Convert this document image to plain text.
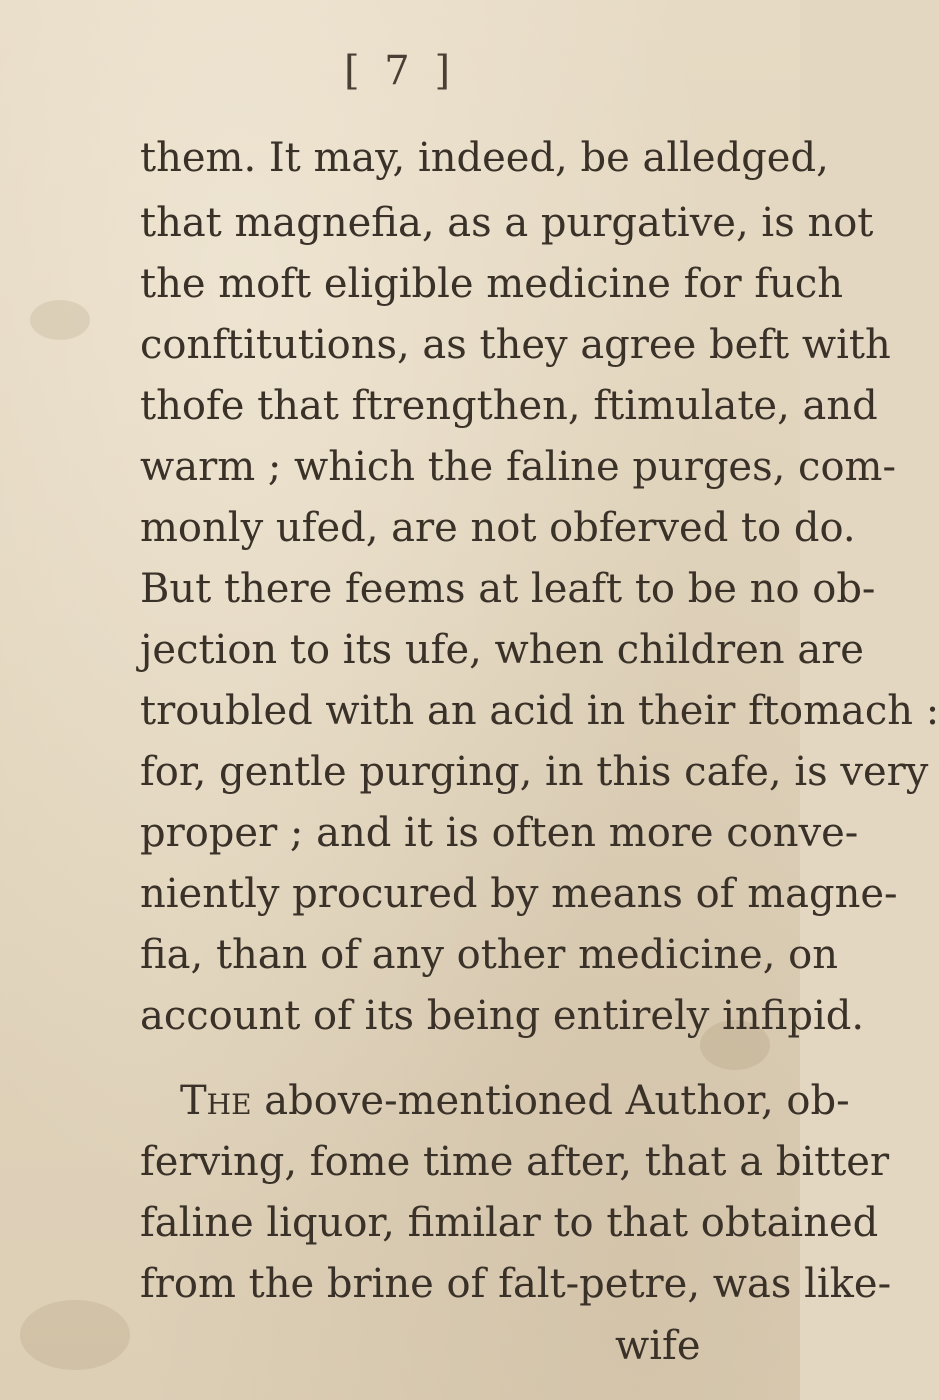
[ 7 ]
them. It may, indeed, be alledged,
that magnefia, as a purgative, is not
the moft eligible medicine for fuch
conftitutions, as they agree beft with
thofe that ftrengthen, ftimulate, and
warm ; which the faline purges, com-
monly ufed, are not obferved to do.
But there feems at leaft to be no ob-
jection to its ufe, when children are
troubled with an acid in their ftomach :
for, gentle purging, in this cafe, is very
proper ; and it is often more conve-
niently procured by means of magne-
fia, than of any other medicine, on
account of its being entirely infipid.
The above-mentioned Author, ob-
ferving, fome time after, that a bitter
faline liquor, fimilar to that obtained
from the brine of falt-petre, was like-
wife
